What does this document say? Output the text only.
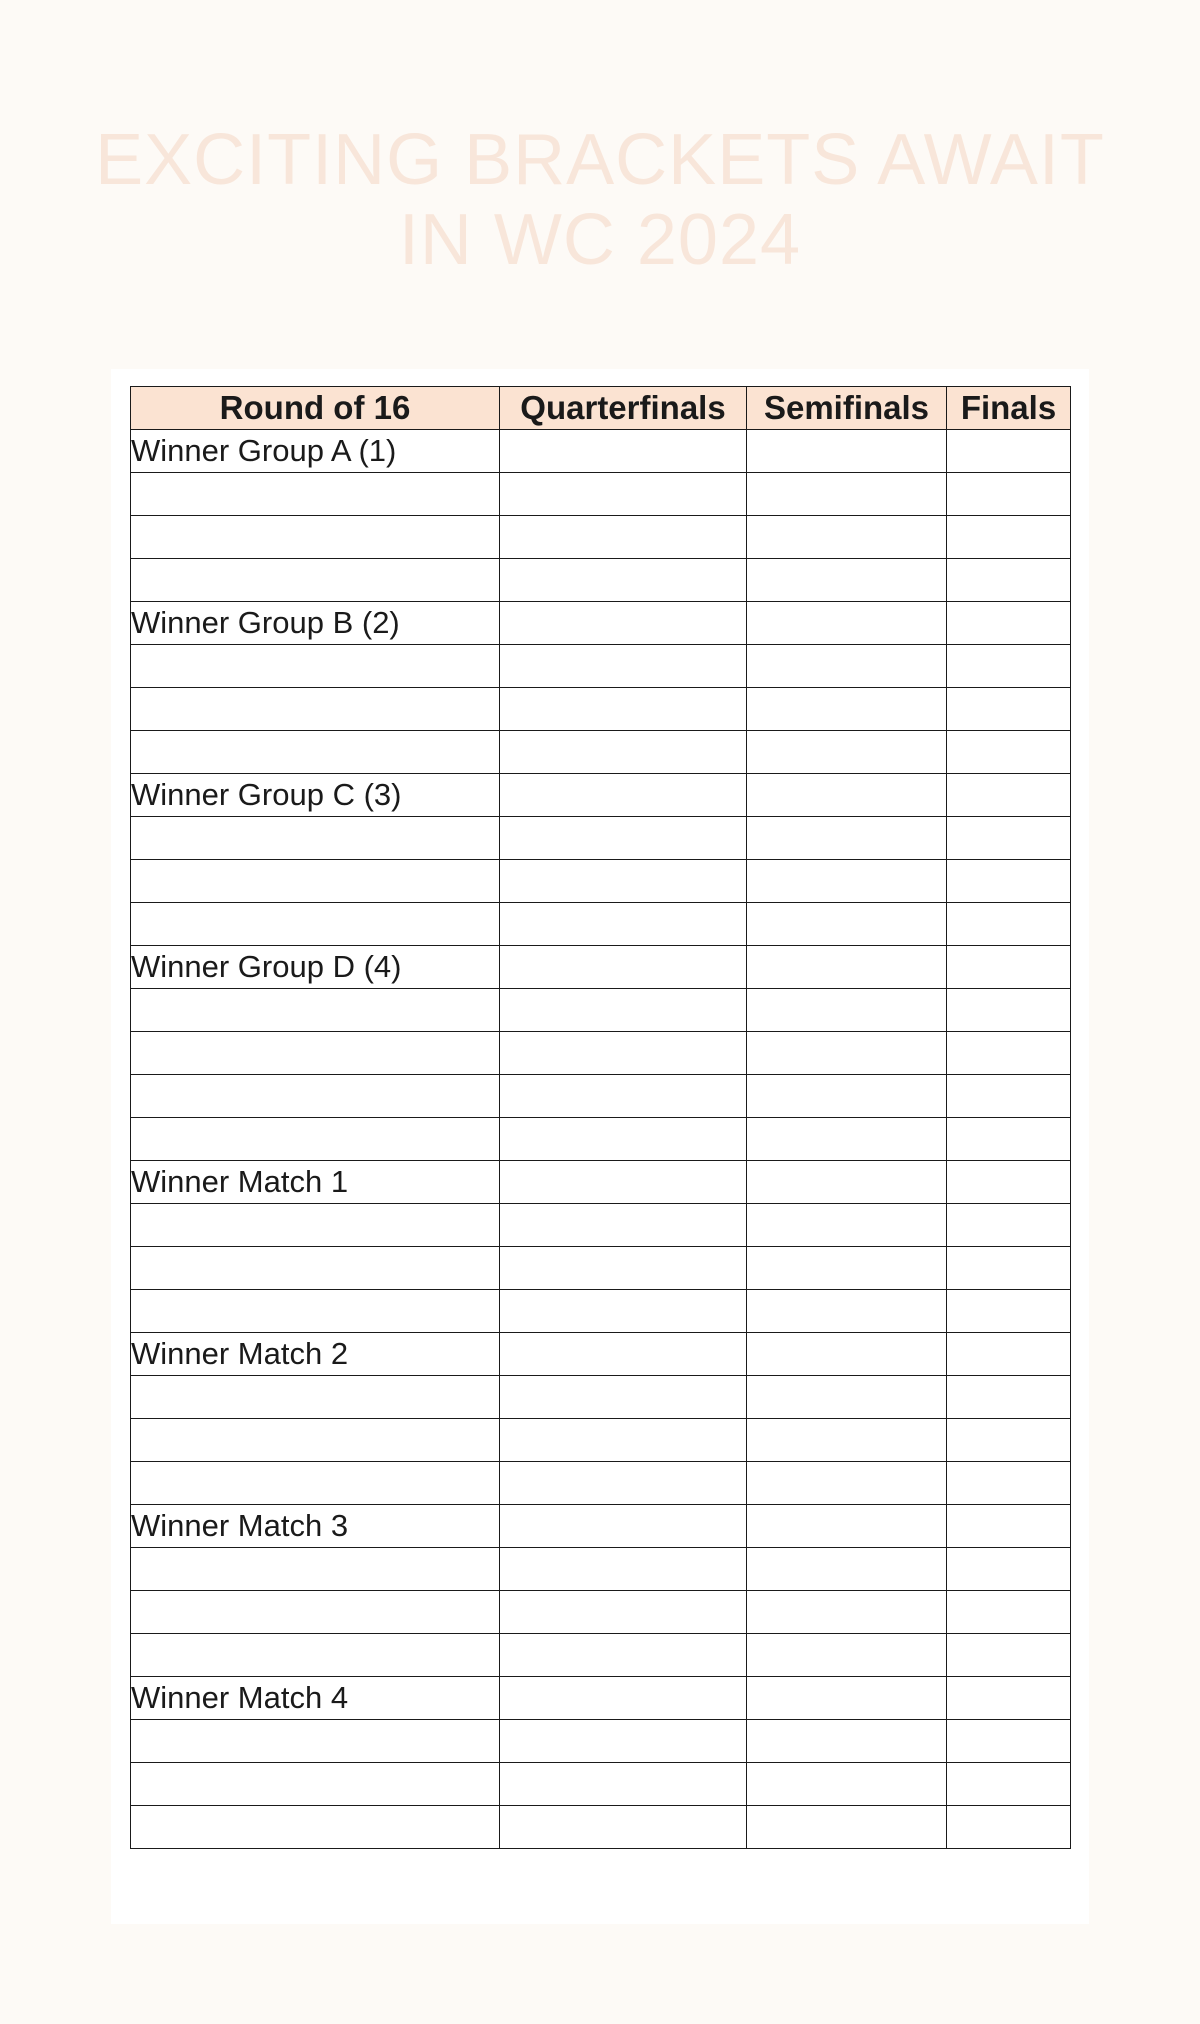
EXCITING BRACKETS AWAIT
IN WC 2024
Round of 16	Quarterfinals	Semifinals	Finals
Winner Group A (1)			

Winner Group B (2)			

Winner Group C (3)			

Winner Group D (4)			

Winner Match 1			

Winner Match 2			

Winner Match 3			

Winner Match 4			
